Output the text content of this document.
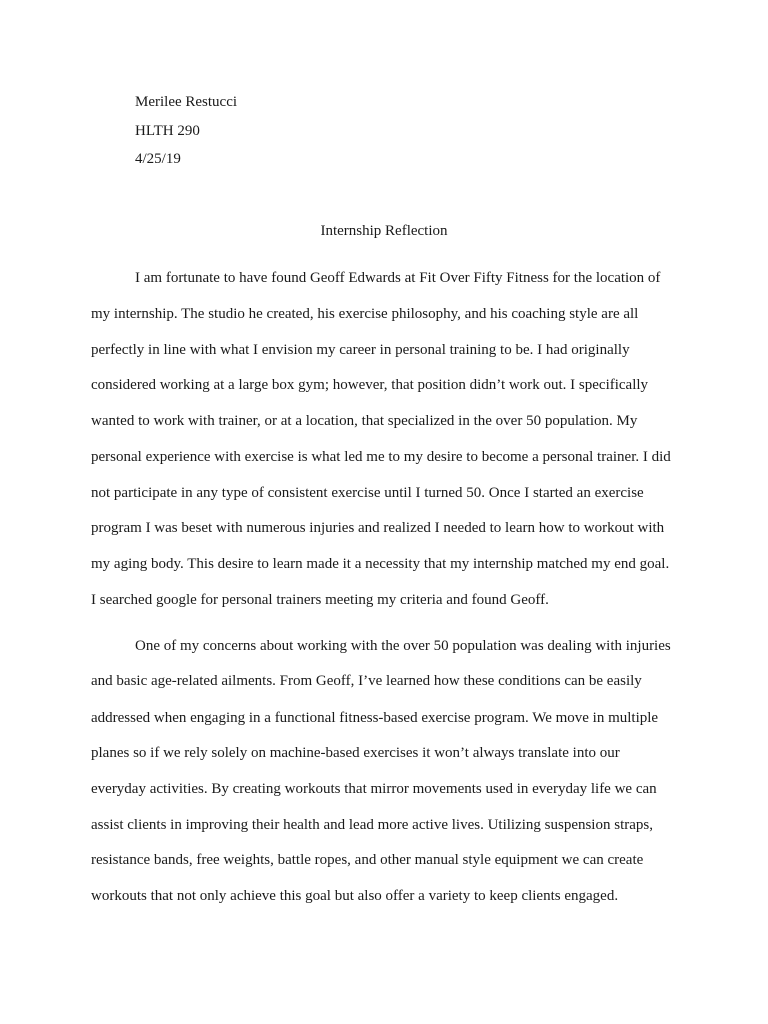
Merilee Restucci
HLTH 290
4/25/19
Internship Reflection
I am fortunate to have found Geoff Edwards at Fit Over Fifty Fitness for the location of
my internship. The studio he created, his exercise philosophy, and his coaching style are all
perfectly in line with what I envision my career in personal training to be. I had originally
considered working at a large box gym; however, that position didn’t work out. I specifically
wanted to work with trainer, or at a location, that specialized in the over 50 population. My
personal experience with exercise is what led me to my desire to become a personal trainer. I did
not participate in any type of consistent exercise until I turned 50. Once I started an exercise
program I was beset with numerous injuries and realized I needed to learn how to workout with
my aging body. This desire to learn made it a necessity that my internship matched my end goal.
I searched google for personal trainers meeting my criteria and found Geoff.
One of my concerns about working with the over 50 population was dealing with injuries
and basic age-related ailments. From Geoff, I’ve learned how these conditions can be easily
addressed when engaging in a functional fitness-based exercise program. We move in multiple
planes so if we rely solely on machine-based exercises it won’t always translate into our
everyday activities. By creating workouts that mirror movements used in everyday life we can
assist clients in improving their health and lead more active lives. Utilizing suspension straps,
resistance bands, free weights, battle ropes, and other manual style equipment we can create
workouts that not only achieve this goal but also offer a variety to keep clients engaged.
